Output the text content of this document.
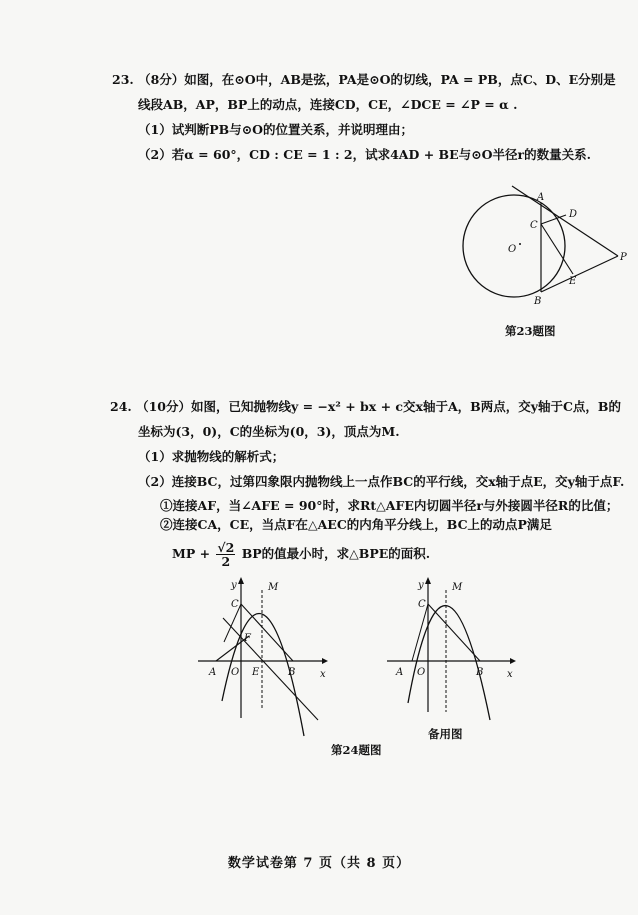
23. （8分）如图，在⊙O中，AB是弦，PA是⊙O的切线，PA = PB，点C、D、E分别是
线段AB，AP，BP上的动点，连接CD，CE，∠DCE = ∠P = α .
（1）试判断PB与⊙O的位置关系，并说明理由；
（2）若α = 60°，CD : CE = 1 : 2，试求4AD + BE与⊙O半径r的数量关系.
A
C
D
E
P
B
O
第23题图
24. （10分）如图，已知抛物线y = −x² + bx + c交x轴于A，B两点，交y轴于C点，B的
坐标为(3，0)，C的坐标为(0，3)，顶点为M.
（1）求抛物线的解析式；
（2）连接BC，过第四象限内抛物线上一点作BC的平行线，交x轴于点E，交y轴于点F.
①连接AF，当∠AFE = 90°时，求Rt△AFE内切圆半径r与外接圆半径R的比值；
②连接CA，CE，当点F在△AEC的内角平分线上，BC上的动点P满足
MP + $\frac{√2}{2}$ BP的值最小时，求△BPE的面积.
y	M
C
F
A O E	B x
y	M
C
A O	B x
备用图
第24题图
数学试卷第 7 页（共 8 页）
